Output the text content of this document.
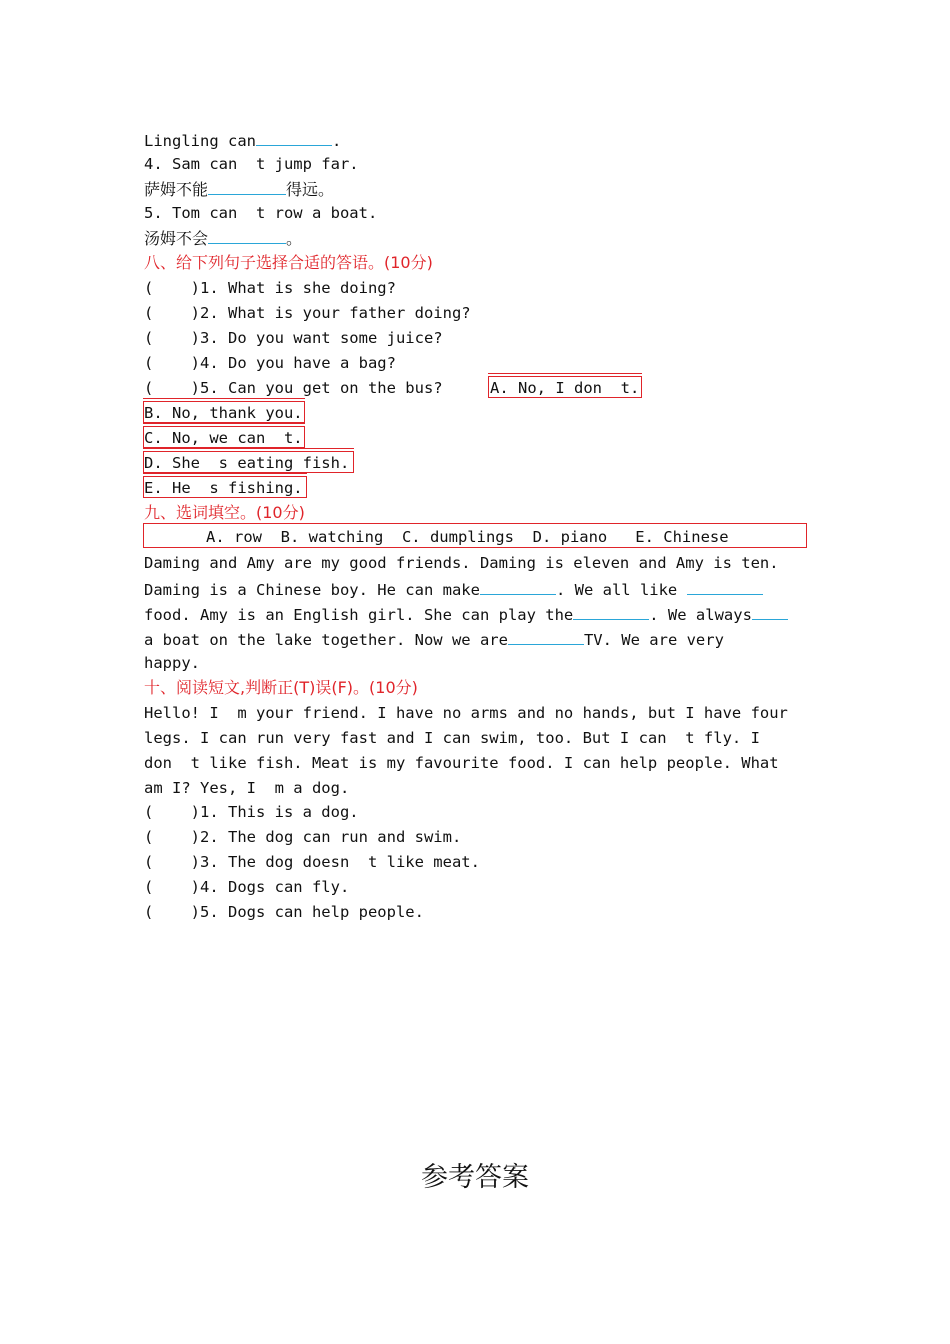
Lingling can	.

4. Sam can  t jump far.

萨姆不能	得远。

5. Tom can  t row a boat.

汤姆不会	。

八、给下列句子选择合适的答语。(10分)

(    )1. What is she doing?

(    )2. What is your father doing?

(    )3. Do you want some juice?

(    )4. Do you have a bag?

(    )5. Can you get on the bus?

	A. No, I don  t.

B. No, thank you.

C. No, we can  t.

D. She  s eating fish.

E. He  s fishing.

九、选词填空。(10分)

A. row  B. watching  C. dumplings  D. piano   E. Chinese

Daming and Amy are my good friends. Daming is eleven and Amy is ten.

Daming is a Chinese boy. He can make	. We all like

food. Amy is an English girl. She can play the	. We always

a boat on the lake together. Now we are	TV. We are very

happy.

十、阅读短文,判断正(T)误(F)。(10分)

Hello! I  m your friend. I have no arms and no hands, but I have four

legs. I can run very fast and I can swim, too. But I can  t fly. I

don  t like fish. Meat is my favourite food. I can help people. What

am I? Yes, I  m a dog.

(    )1. This is a dog.

(    )2. The dog can run and swim.

(    )3. The dog doesn  t like meat.

(    )4. Dogs can fly.

(    )5. Dogs can help people.

参考答案
